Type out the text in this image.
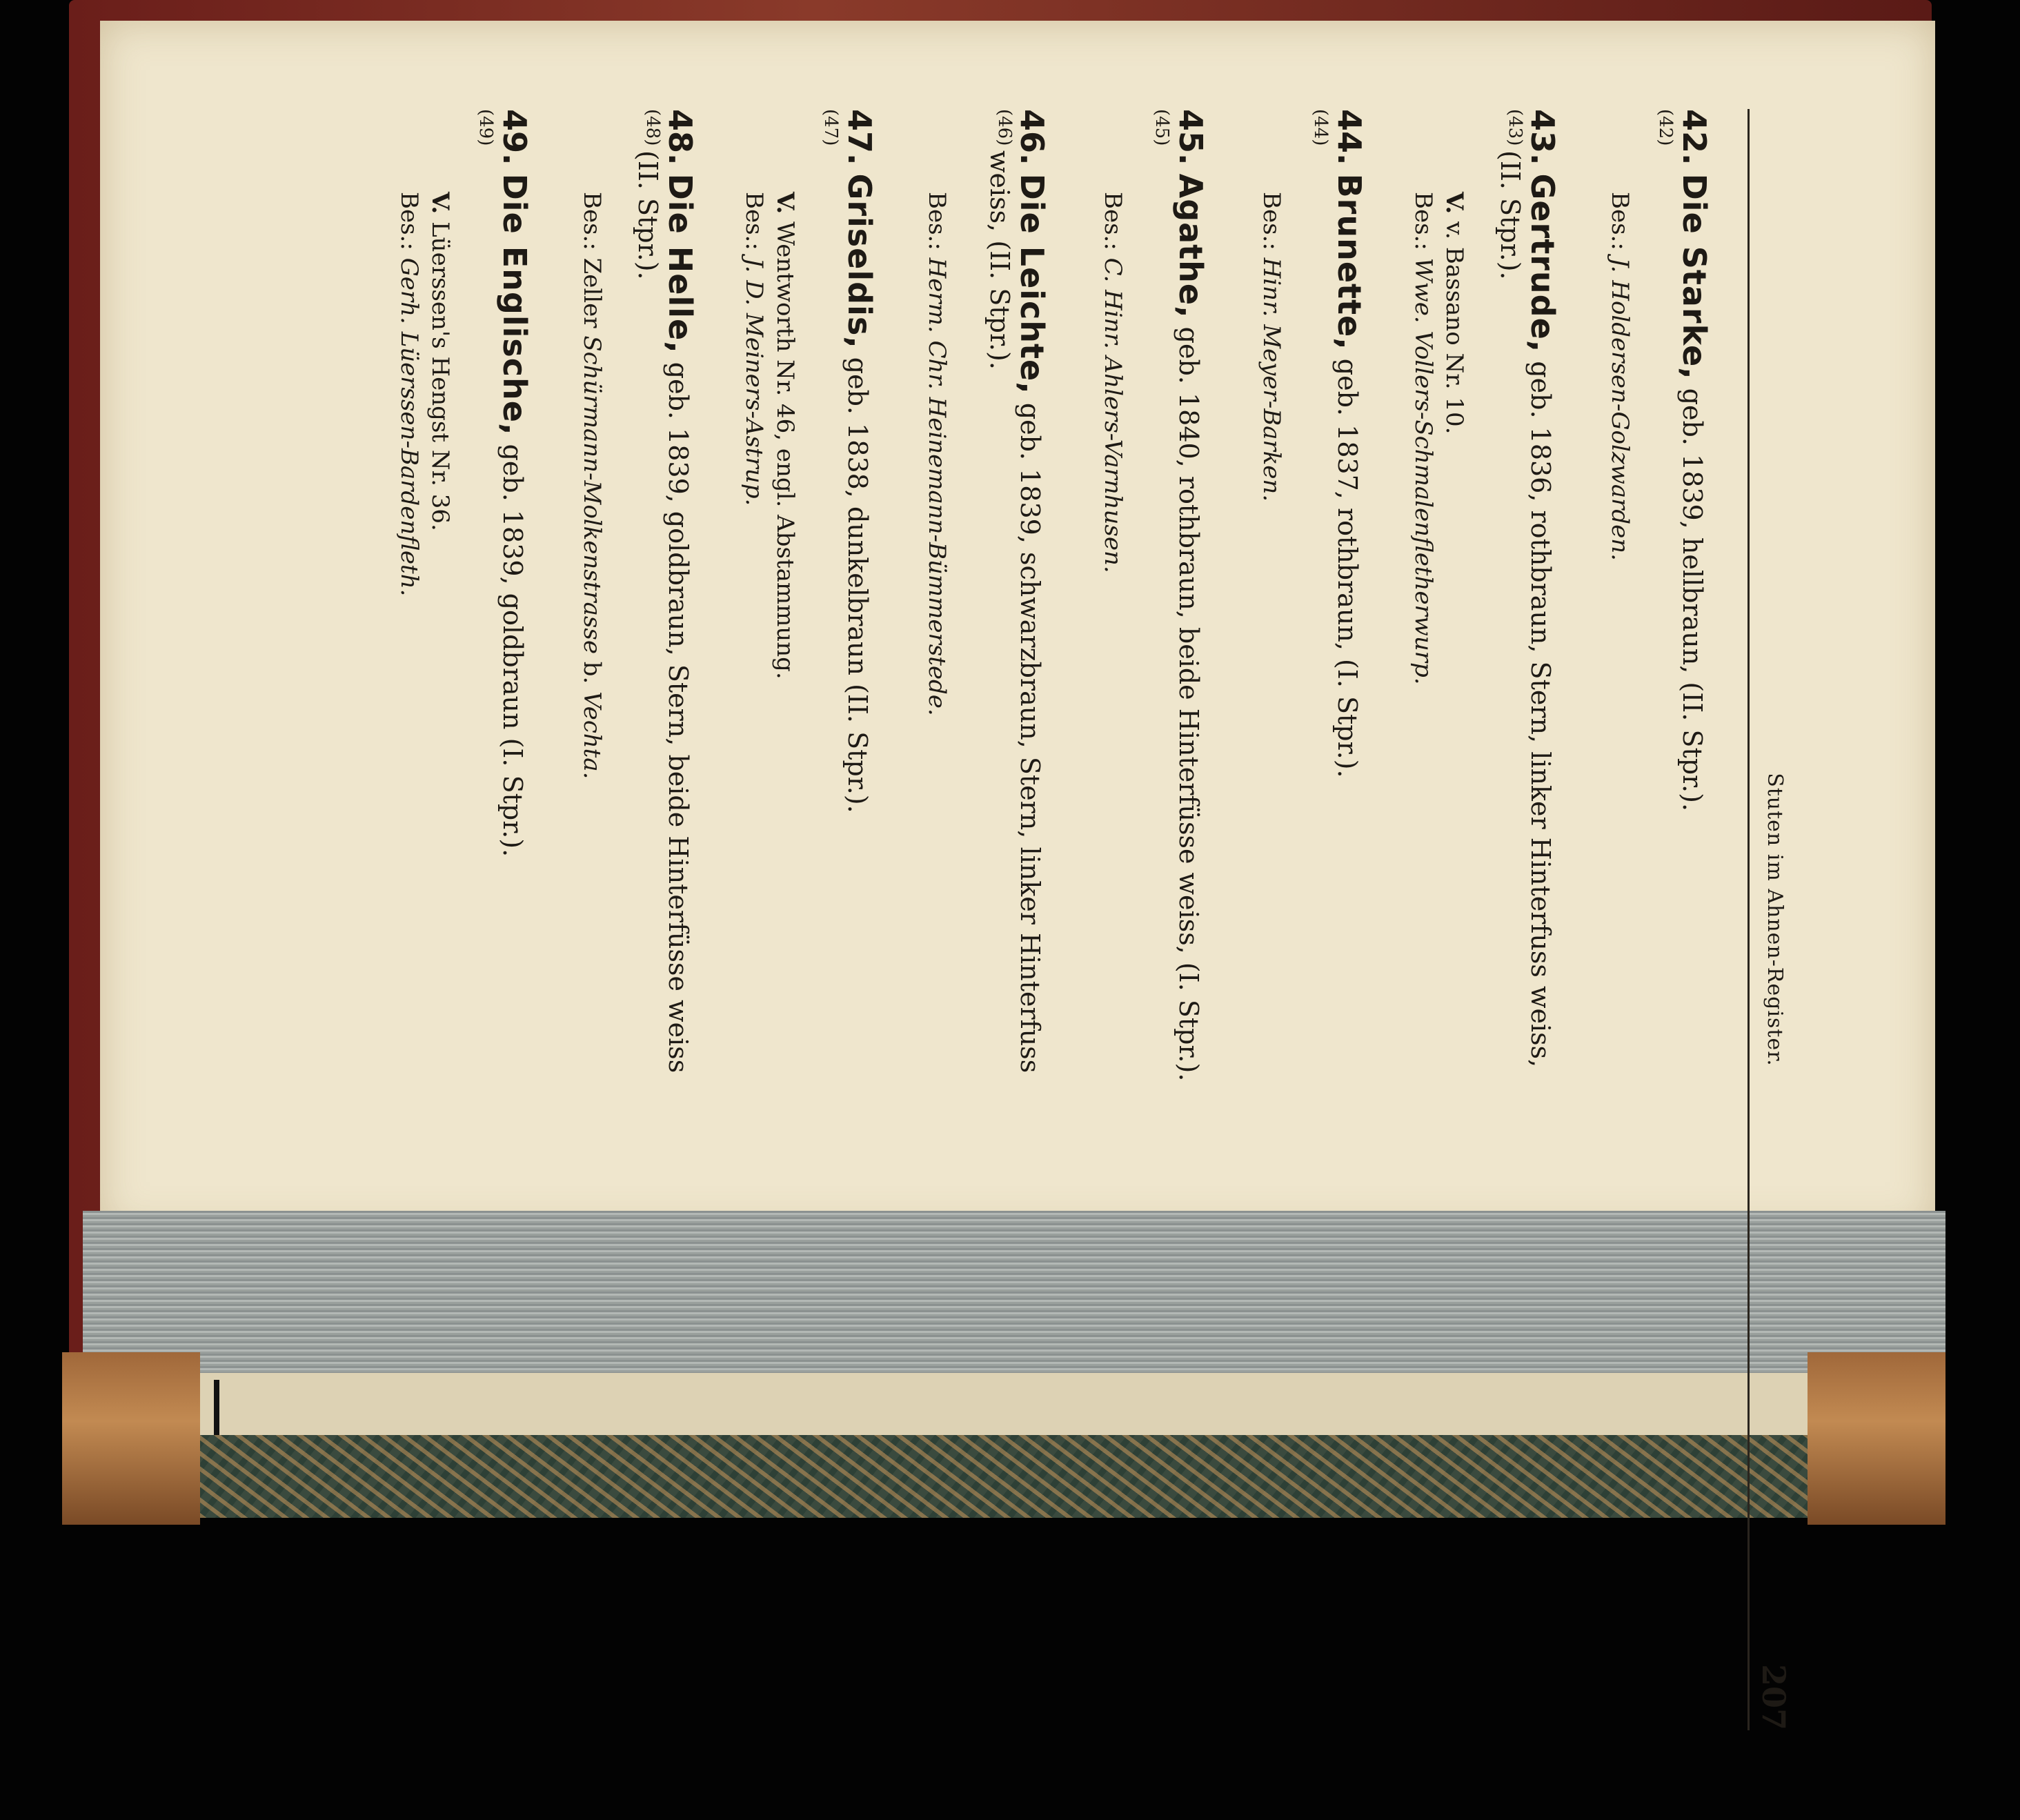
Stuten im Ahnen-Register.
207
42. Die Starke, geb. 1839, hellbraun, (II. Stpr.).
(42)
Bes.: J. Holdersen-Golzwarden.
43. Gertrude, geb. 1836, rothbraun, Stern, linker Hinterfuss weiss,
(II. Stpr.).
(43)
V. v. Bassano Nr. 10.
Bes.: Wwe. Vollers-Schmalenfletherwurp.
44. Brunette, geb. 1837, rothbraun, (I. Stpr.).
(44)
Bes.: Hinr. Meyer-Barken.
45. Agathe, geb. 1840, rothbraun, beide Hinterfüsse weiss, (I. Stpr.).
(45)
Bes.: C. Hinr. Ahlers-Varnhusen.
46. Die Leichte, geb. 1839, schwarzbraun, Stern, linker Hinterfuss
weiss, (II. Stpr.).
(46)
Bes.: Herm. Chr. Heinemann-Bümmerstede.
47. Griseldis, geb. 1838, dunkelbraun (II. Stpr.).
(47)
V. Wentworth Nr. 46, engl. Abstammung.
Bes.: J. D. Meiners-Astrup.
48. Die Helle, geb. 1839, goldbraun, Stern, beide Hinterfüsse weiss
(II. Stpr.).
(48)
Bes.: Zeller Schürmann-Molkenstrasse b. Vechta.
49. Die Englische, geb. 1839, goldbraun (I. Stpr.).
(49)
V. Lüerssen's Hengst Nr. 36.
Bes.: Gerh. Lüerssen-Bardenfleth.
